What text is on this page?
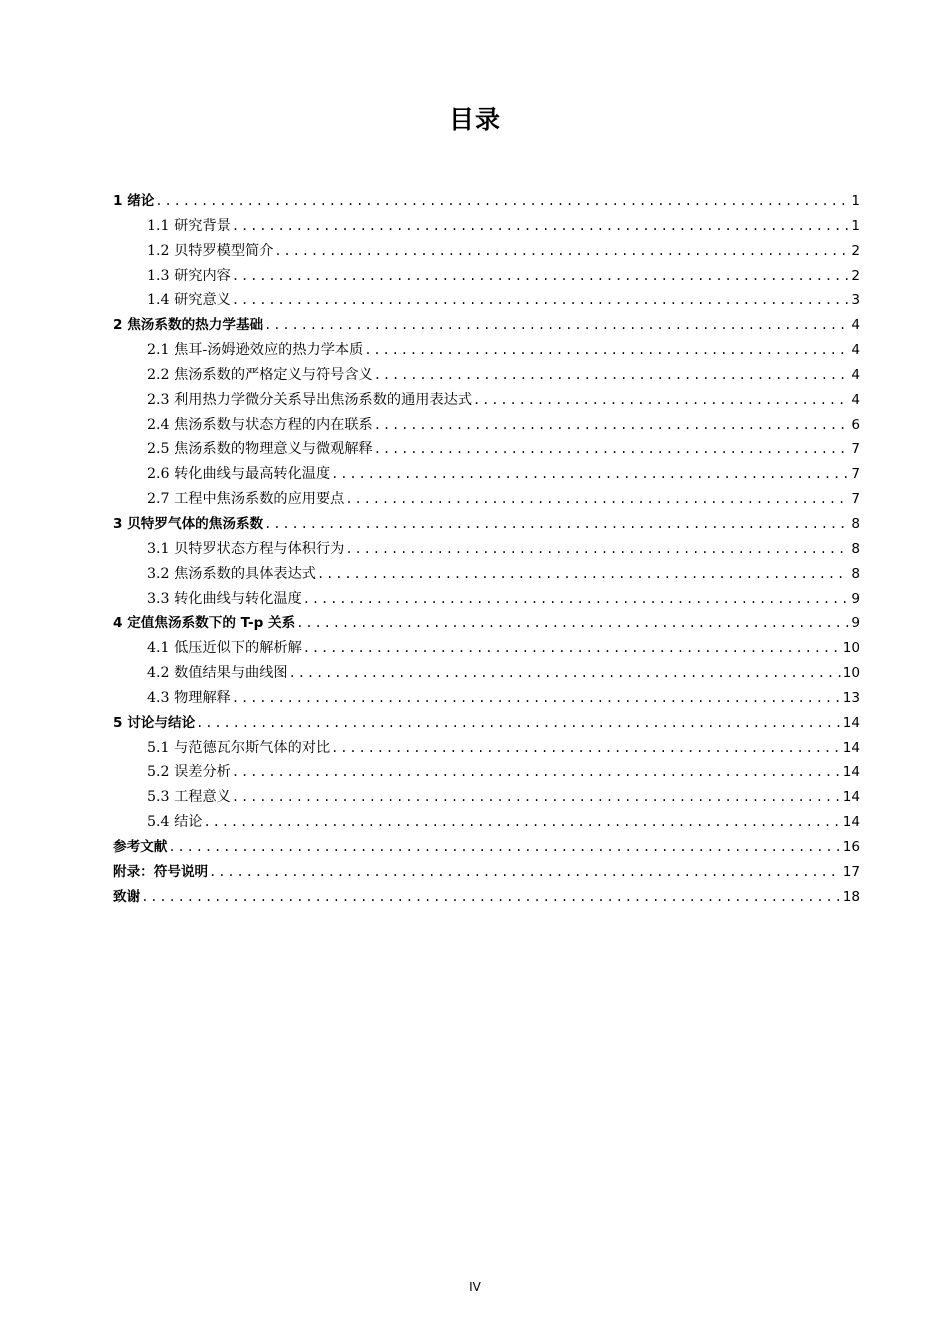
目录
1 绪论 .....	1
1.1 研究背景 .....	1
1.2 贝特罗模型简介 .....	2
1.3 研究内容 .....	2
1.4 研究意义 .....	3
2 焦汤系数的热力学基础 .....	4
2.1 焦耳-汤姆逊效应的热力学本质 .....	4
2.2 焦汤系数的严格定义与符号含义 .....	4
2.3 利用热力学微分关系导出焦汤系数的通用表达式 .....	4
2.4 焦汤系数与状态方程的内在联系 .....	6
2.5 焦汤系数的物理意义与微观解释 .....	7
2.6 转化曲线与最高转化温度 .....	7
2.7 工程中焦汤系数的应用要点 .....	7
3 贝特罗气体的焦汤系数 .....	8
3.1 贝特罗状态方程与体积行为 .....	8
3.2 焦汤系数的具体表达式 .....	8
3.3 转化曲线与转化温度 .....	9
4 定值焦汤系数下的 T-p 关系 .....	9
4.1 低压近似下的解析解 .....	10
4.2 数值结果与曲线图 .....	10
4.3 物理解释 .....	13
5 讨论与结论 .....	14
5.1 与范德瓦尔斯气体的对比 .....	14
5.2 误差分析 .....	14
5.3 工程意义 .....	14
5.4 结论 .....	14
参考文献 .....	16
附录：符号说明 .....	17
致谢 .....	18
IV
